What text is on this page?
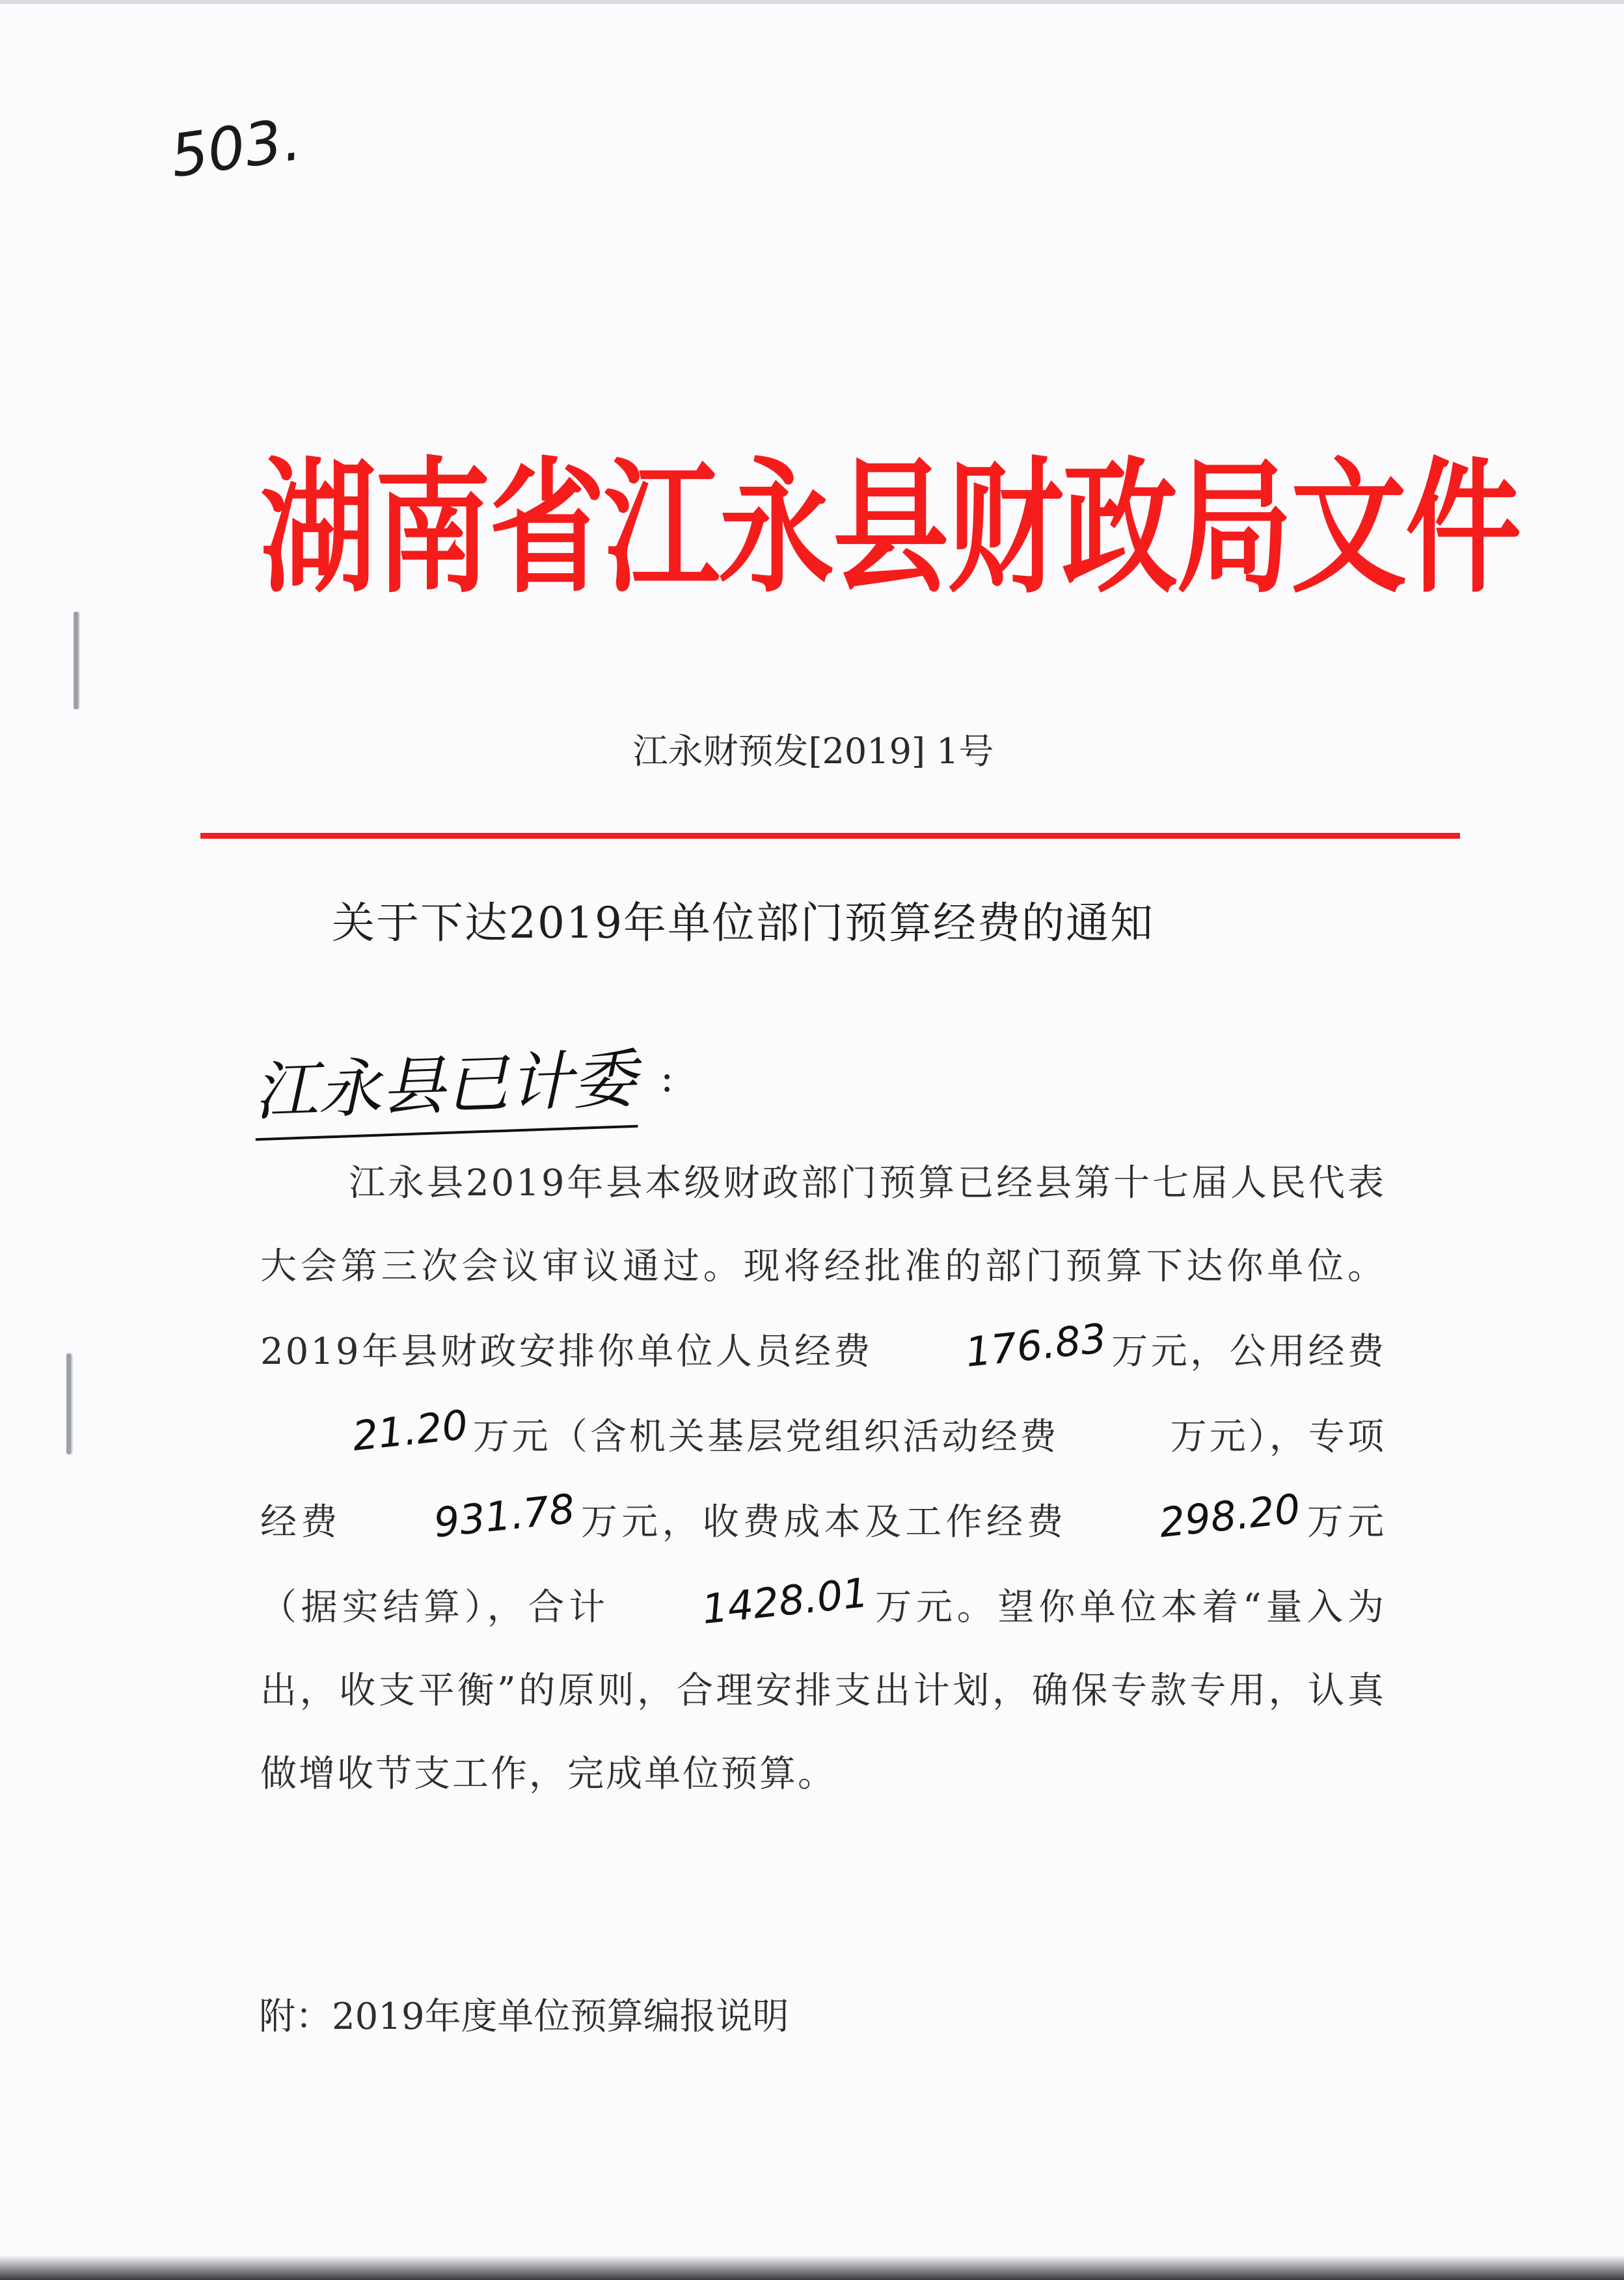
503.
湖南省江永县财政局文件
江永财预发[2019] 1号
关于下达2019年单位部门预算经费的通知
江永县已计委 :

江永县2019年县本级财政部门预算已经县第十七届人民代表大会第三次会议审议通过。现将经批准的部门预算下达你单位。2019年县财政安排你单位人员经费 176.83万元，公用经费21.20万元（含机关基层党组织活动经费	万元），专项经费 931.78万元，收费成本及工作经费 298.20万元（据实结算），合计 1428.01万元。望你单位本着“量入为出，收支平衡”的原则，合理安排支出计划，确保专款专用，认真做增收节支工作，完成单位预算。

附：2019年度单位预算编报说明
